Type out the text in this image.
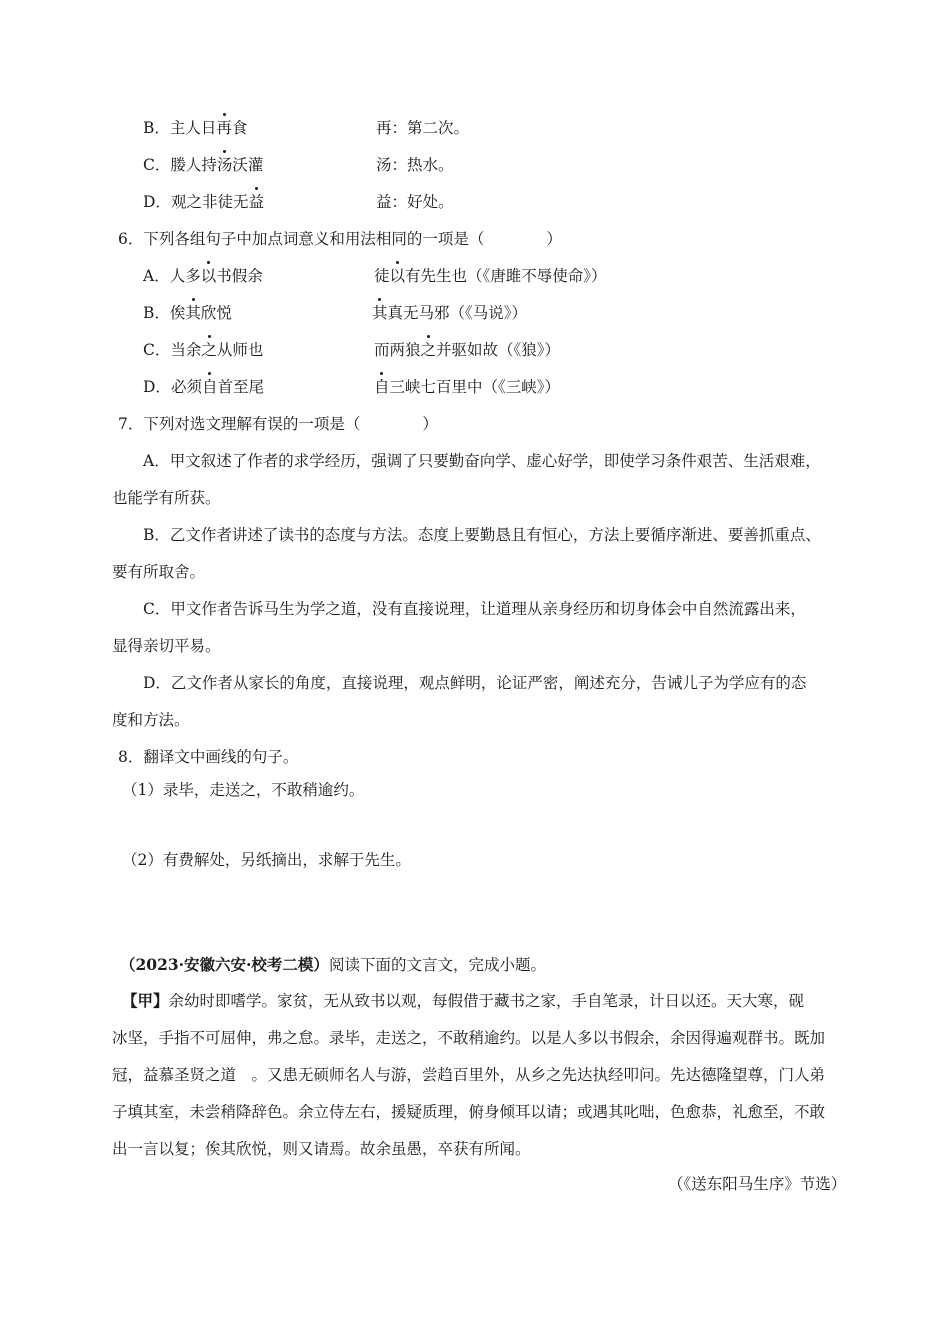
B．主人日再食	再：第二次。
C．媵人持汤沃灌	汤：热水。
D．观之非徒无益	益：好处。
6．下列各组句子中加点词意义和用法相同的一项是（　　　　）
A．人多以书假余	徒以有先生也（《唐雎不辱使命》）
B．俟其欣悦	其真无马邪（《马说》）
C．当余之从师也	而两狼之并驱如故（《狼》）
D．必须自首至尾	自三峡七百里中（《三峡》）
7．下列对选文理解有误的一项是（　　　　）
A．甲文叙述了作者的求学经历，强调了只要勤奋向学、虚心好学，即使学习条件艰苦、生活艰难，
也能学有所获。
B．乙文作者讲述了读书的态度与方法。态度上要勤恳且有恒心，方法上要循序渐进、要善抓重点、
要有所取舍。
C．甲文作者告诉马生为学之道，没有直接说理，让道理从亲身经历和切身体会中自然流露出来，
显得亲切平易。
D．乙文作者从家长的角度，直接说理，观点鲜明，论证严密，阐述充分，告诫儿子为学应有的态
度和方法。
8．翻译文中画线的句子。
（1）录毕，走送之，不敢稍逾约。
（2）有费解处，另纸摘出，求解于先生。
（2023·安徽六安·校考二模）阅读下面的文言文，完成小题。
【甲】余幼时即嗜学。家贫，无从致书以观，每假借于藏书之家，手自笔录，计日以还。天大寒，砚
冰坚，手指不可屈伸，弗之怠。录毕，走送之，不敢稍逾约。以是人多以书假余，余因得遍观群书。既加
冠，益慕圣贤之道　。又患无硕师名人与游，尝趋百里外，从乡之先达执经叩问。先达德隆望尊，门人弟
子填其室，未尝稍降辞色。余立侍左右，援疑质理，俯身倾耳以请；或遇其叱咄，色愈恭，礼愈至，不敢
出一言以复；俟其欣悦，则又请焉。故余虽愚，卒获有所闻。
（《送东阳马生序》节选）
